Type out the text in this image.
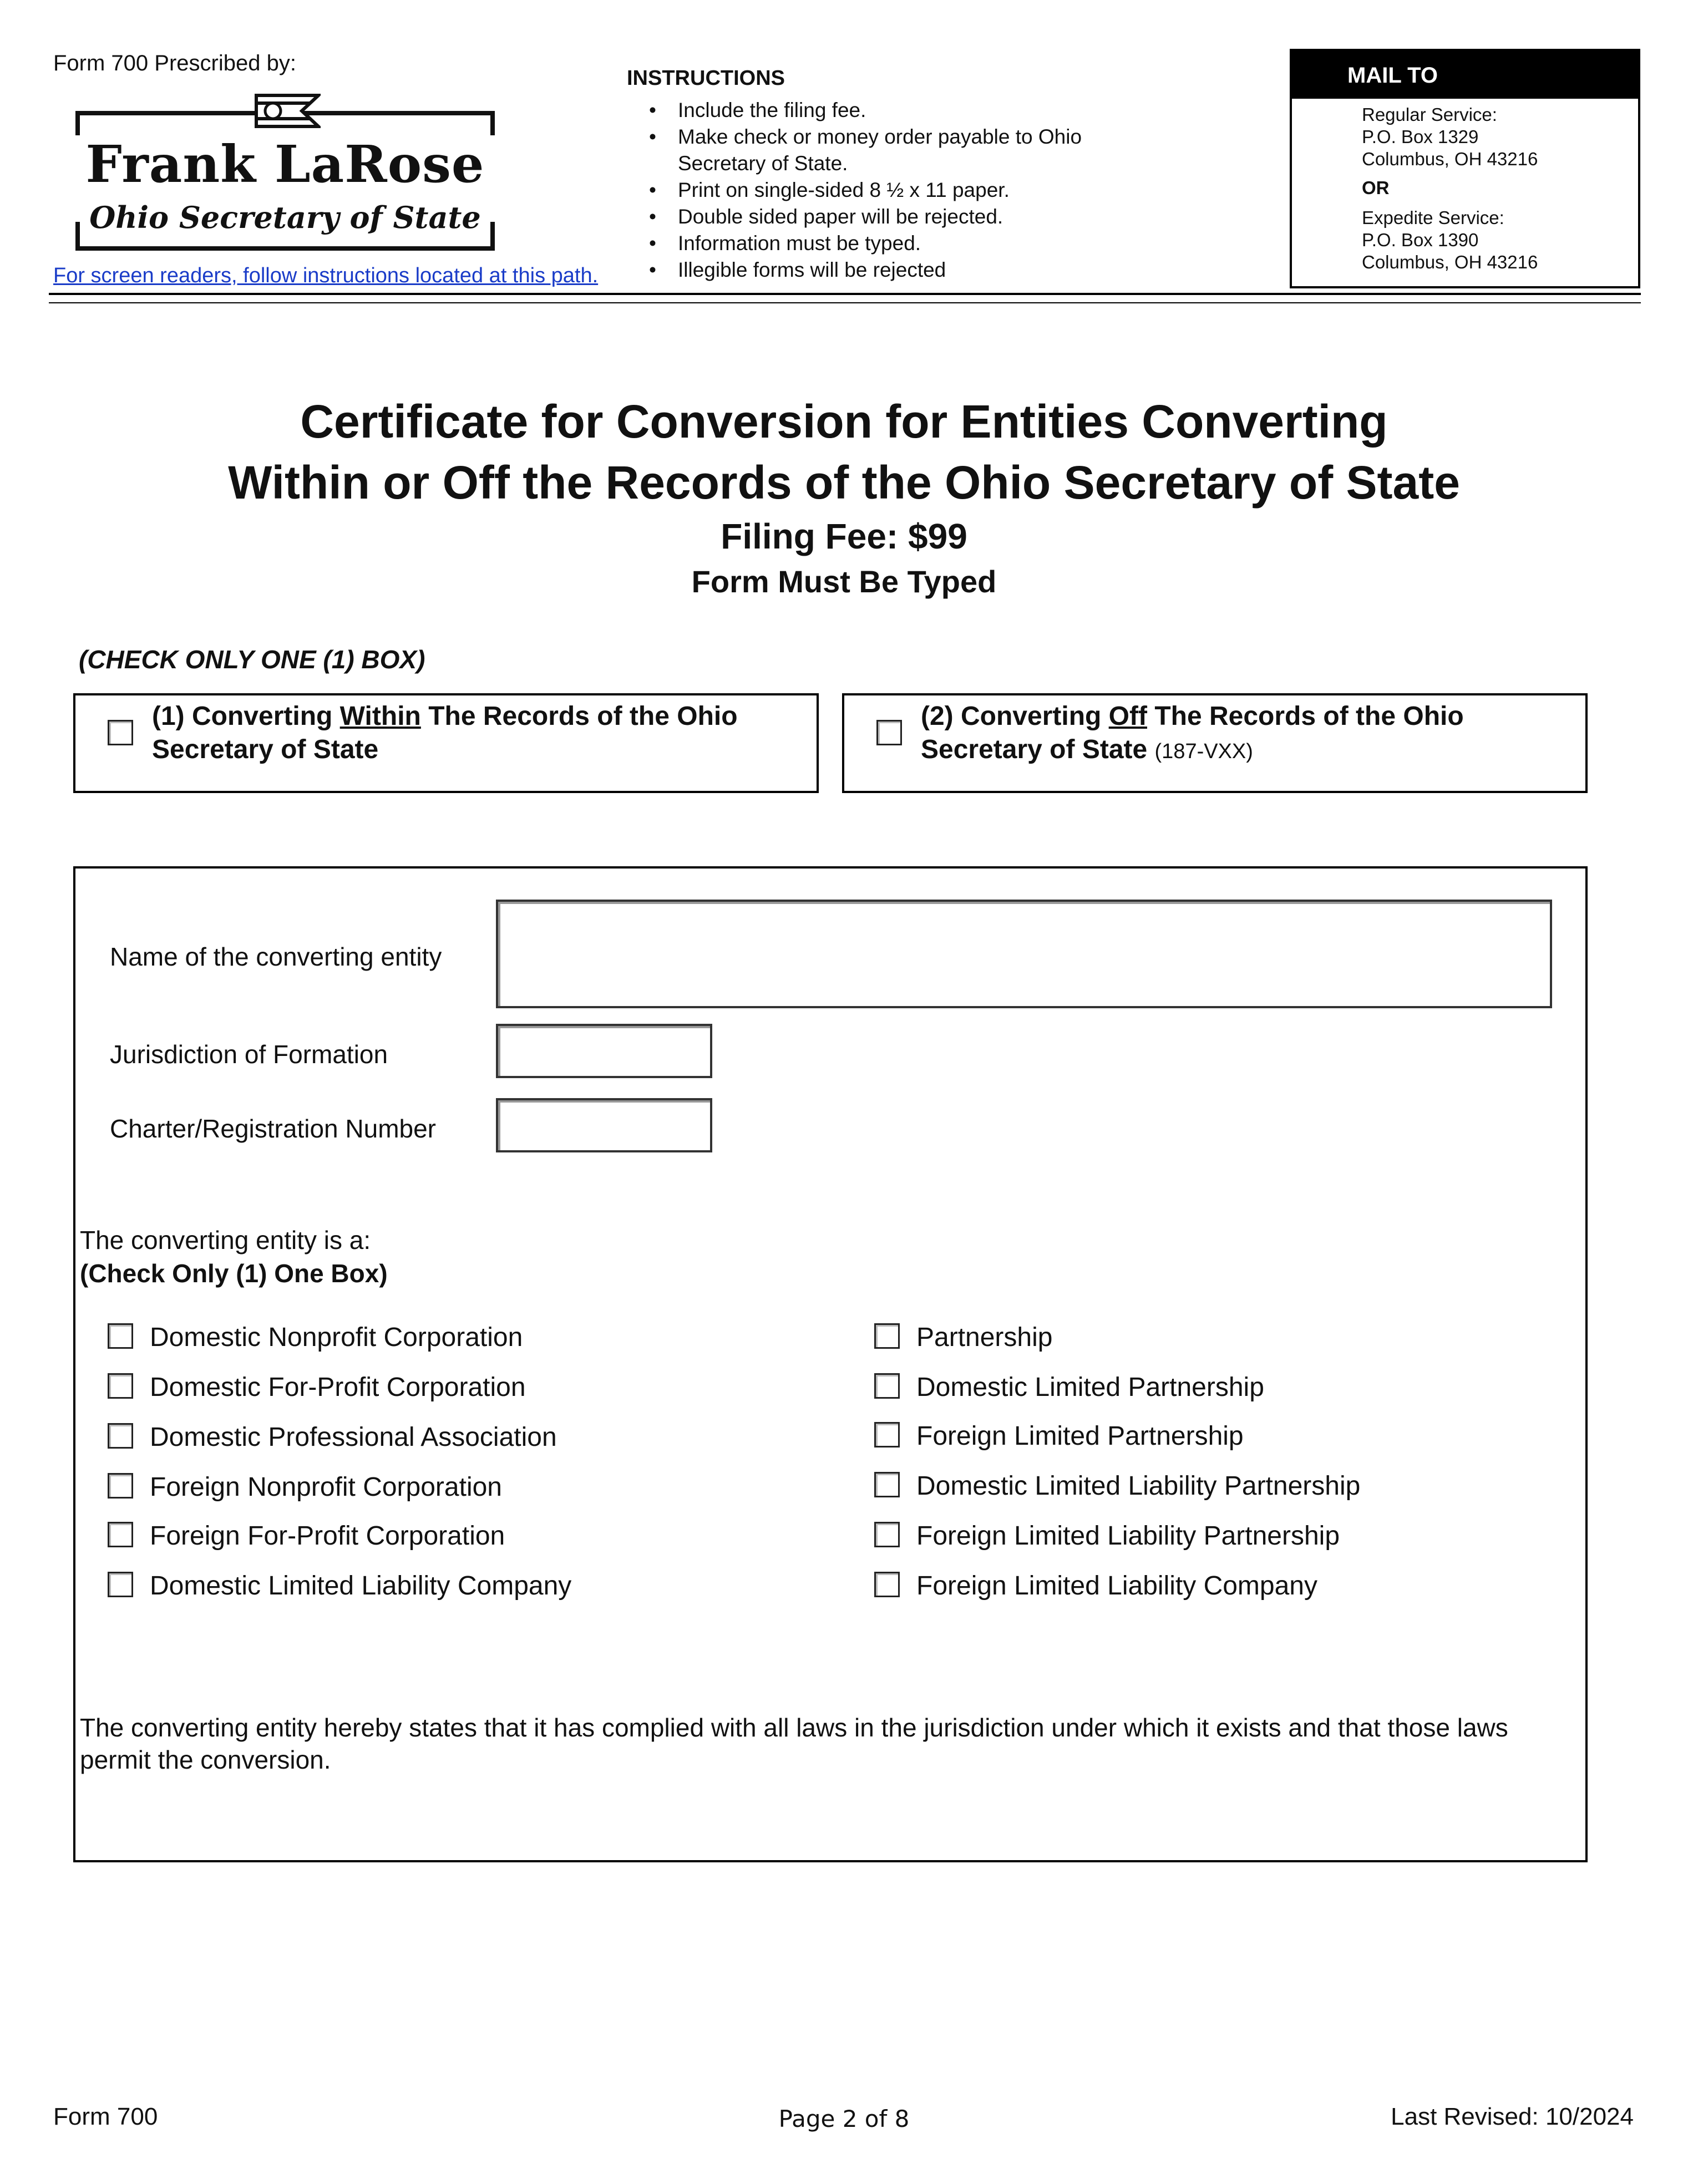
Form 700 Prescribed by:
Frank LaRose
Ohio Secretary of State
For screen readers, follow instructions located at this path.
INSTRUCTIONS
• Include the filing fee.
• Make check or money order payable to Ohio Secretary of State.
• Print on single-sided 8 ½ x 11 paper.
• Double sided paper will be rejected.
• Information must be typed.
• Illegible forms will be rejected
MAIL TO
Regular Service:
P.O. Box 1329
Columbus, OH 43216
OR
Expedite Service:
P.O. Box 1390
Columbus, OH 43216
Certificate for Conversion for Entities Converting
Within or Off the Records of the Ohio Secretary of State
Filing Fee: $99
Form Must Be Typed
(CHECK ONLY ONE (1) BOX)
(1) Converting Within The Records of the Ohio Secretary of State
(2) Converting Off The Records of the Ohio Secretary of State (187-VXX)
Name of the converting entity
Jurisdiction of Formation
Charter/Registration Number
The converting entity is a:
(Check Only (1) One Box)
Domestic Nonprofit Corporation
Domestic For-Profit Corporation
Domestic Professional Association
Foreign Nonprofit Corporation
Foreign For-Profit Corporation
Domestic Limited Liability Company
Partnership
Domestic Limited Partnership
Foreign Limited Partnership
Domestic Limited Liability Partnership
Foreign Limited Liability Partnership
Foreign Limited Liability Company
The converting entity hereby states that it has complied with all laws in the jurisdiction under which it exists and that those laws permit the conversion.
Form 700	Page 2 of 8	Last Revised: 10/2024
